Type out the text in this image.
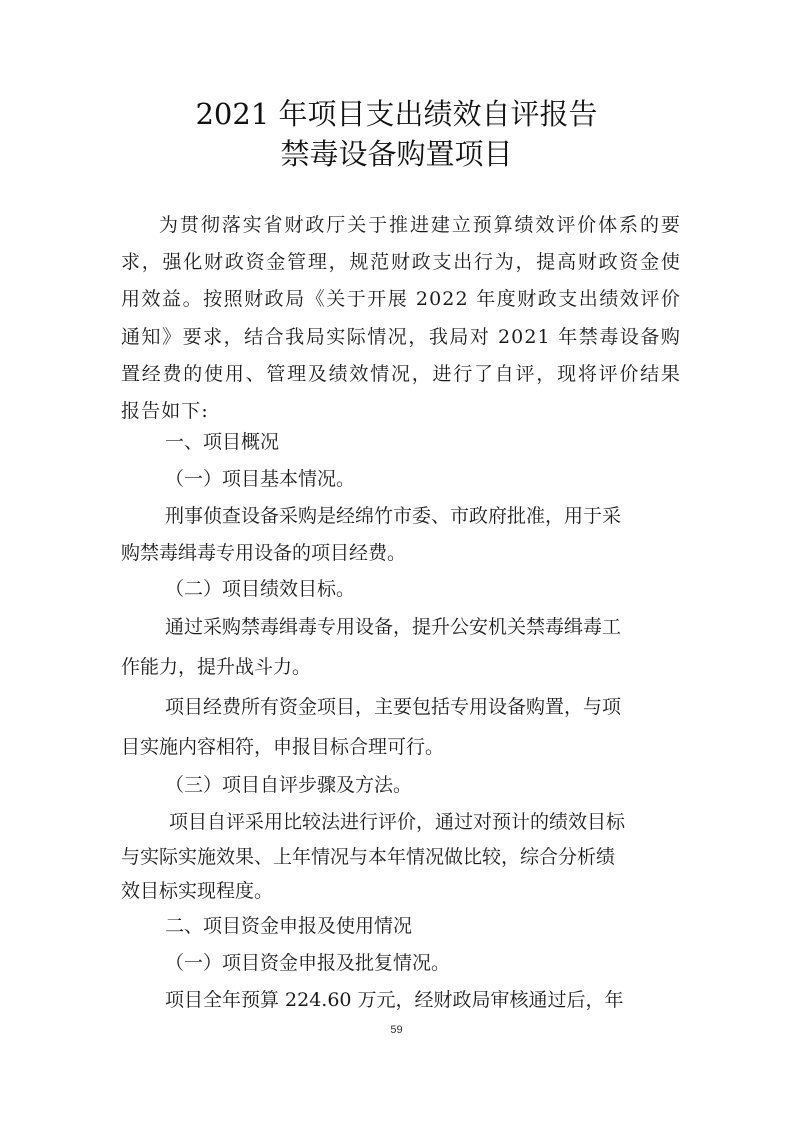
2021 年项目支出绩效自评报告
禁毒设备购置项目

为贯彻落实省财政厅关于推进建立预算绩效评价体系的要求，强化财政资金管理，规范财政支出行为，提高财政资金使用效益。按照财政局《关于开展 2022 年度财政支出绩效评价通知》要求，结合我局实际情况，我局对 2021 年禁毒设备购置经费的使用、管理及绩效情况，进行了自评，现将评价结果报告如下:

一、项目概况

（一）项目基本情况。

刑事侦查设备采购是经绵竹市委、市政府批准，用于采

购禁毒缉毒专用设备的项目经费。

（二）项目绩效目标。

通过采购禁毒缉毒专用设备，提升公安机关禁毒缉毒工

作能力，提升战斗力。

项目经费所有资金项目，主要包括专用设备购置，与项

目实施内容相符，申报目标合理可行。

（三）项目自评步骤及方法。

项目自评采用比较法进行评价，通过对预计的绩效目标

与实际实施效果、上年情况与本年情况做比较，综合分析绩

效目标实现程度。

二、项目资金申报及使用情况

（一）项目资金申报及批复情况。

项目全年预算 224.60 万元，经财政局审核通过后，年

59
